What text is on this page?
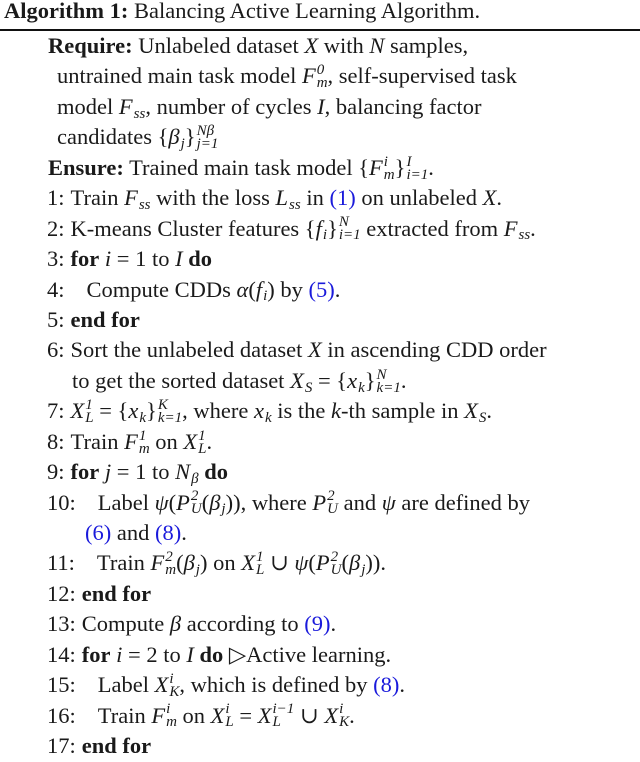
Algorithm 1: Balancing Active Learning Algorithm.
Require: Unlabeled dataset X with N samples,
untrained main task model F 0
m , self-supervised task
model F ss , number of cycles I, balancing factor
candidates {β j } Nβ
j=1
Ensure: Trained main task model {F i
m } I
i=1 .
1: Train F ss with the loss L ss in (1) on unlabeled X.
2: K-means Cluster features {f i } N
i=1 extracted from F ss .
3: for i = 1 to I do
4: Compute CDDs α(f i ) by (5).
5: end for
6: Sort the unlabeled dataset X in ascending CDD order
to get the sorted dataset X S = {x k } N
k=1 .
7: X 1
L = {x k } K
k=1 , where x k is the k-th sample in X S .
8: Train F 1
m on X 1
L .
9: for j = 1 to N β do
10: Label ψ(P 2
U (β j )), where P 2
U and ψ are defined by
(6) and (8).
11: Train F 2
m (β j ) on X 1
L ∪ ψ(P 2
U (β j )).
12: end for
13: Compute β according to (9).
14: for i = 2 to I do ▷Active learning.
15: Label X i
K , which is defined by (8).
16: Train F i
m on X i
L = X i−1
L ∪ X i
K .
17: end for
